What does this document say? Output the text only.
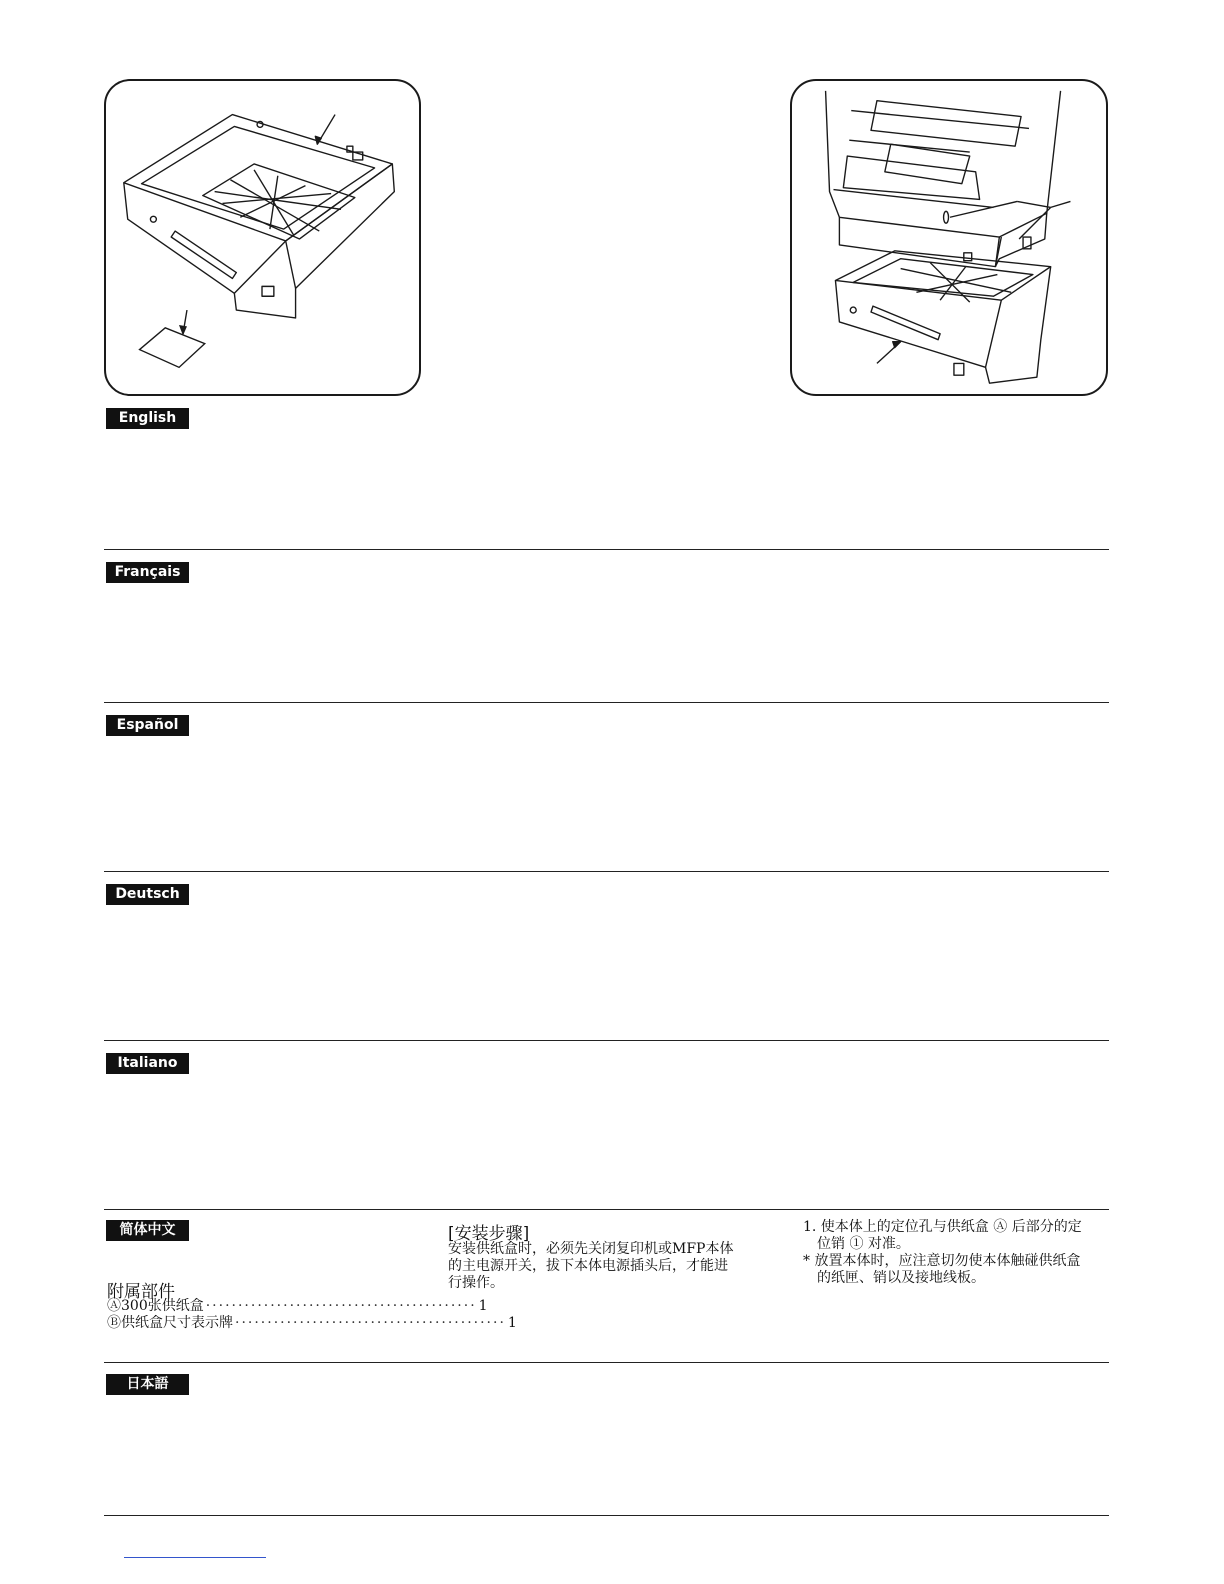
English
Français
Español
Deutsch
Italiano
简体中文
附属部件
Ⓐ300张供纸盒 ·········································· 1
Ⓑ供纸盒尺寸表示牌 ·········································· 1
[安装步骤]
安装供纸盒时，必须先关闭复印机或MFP本体
的主电源开关，拔下本体电源插头后，才能进
行操作。
1. 使本体上的定位孔与供纸盒 Ⓐ 后部分的定
位销 ① 对准。
* 放置本体时，应注意切勿使本体触碰供纸盒
的纸匣、销以及接地线板。
日本語
